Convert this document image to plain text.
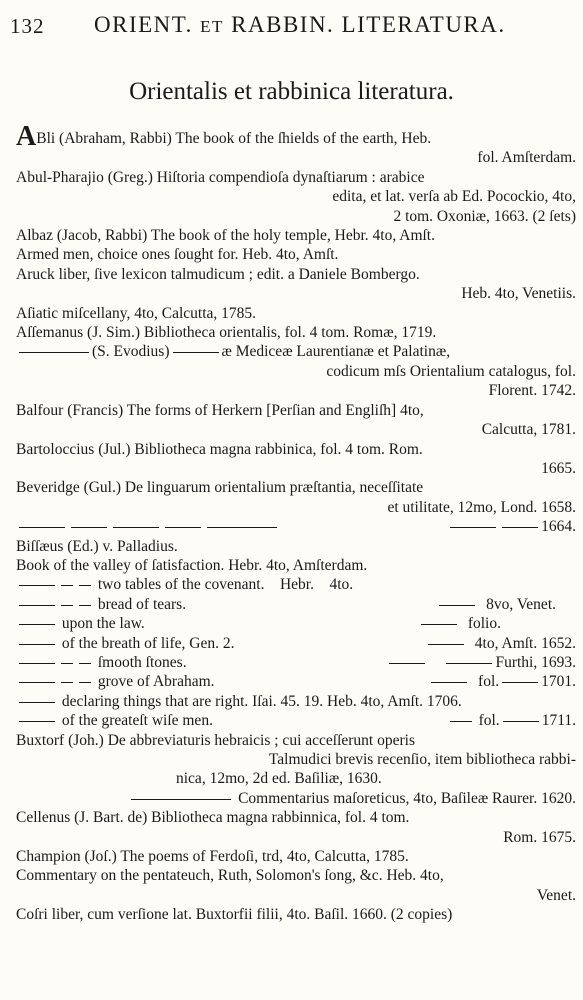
132 ORIENT. ET RABBIN. LITERATURA.
Orientalis et rabbinica literatura.
ABli (Abraham, Rabbi) The book of the ſhields of the earth, Heb.
fol. Amſterdam.
Abul-Pharajio (Greg.) Hiſtoria compendioſa dynaſtiarum : arabice
edita, et lat. verſa ab Ed. Pocockio, 4to,
2 tom. Oxoniæ, 1663. (2 ſets)
Albaz (Jacob, Rabbi) The book of the holy temple, Hebr. 4to, Amſt.
Armed men, choice ones ſought for. Heb. 4to, Amſt.
Aruck liber, ſive lexicon talmudicum ; edit. a Daniele Bombergo.
Heb. 4to, Venetiis.
Aſiatic miſcellany, 4to, Calcutta, 1785.
Aſſemanus (J. Sim.) Bibliotheca orientalis, fol. 4 tom. Romæ, 1719.
(S. Evodius)	æ Mediceæ Laurentianæ et Palatinæ,
codicum mſs Orientalium catalogus, fol.
Florent. 1742.
Balfour (Francis) The forms of Herkern [Perſian and Engliſh] 4to,
Calcutta, 1781.
Bartoloccius (Jul.) Bibliotheca magna rabbinica, fol. 4 tom. Rom.
1665.
Beveridge (Gul.) De linguarum orientalium præſtantia, neceſſitate
et utilitate, 12mo, Lond. 1658.
1664.
Biſſæus (Ed.) v. Palladius.
Book of the valley of ſatisfaction. Hebr. 4to, Amſterdam.
two tables of the covenant. Hebr. 4to.
bread of tears.	8vo, Venet.
upon the law.	folio.
of the breath of life, Gen. 2.	4to, Amſt. 1652.
ſmooth ſtones.	Furthi, 1693.
grove of Abraham.	fol.	1701.
declaring things that are right. Iſai. 45. 19. Heb. 4to, Amſt. 1706.
of the greateſt wiſe men.	fol.	1711.
Buxtorf (Joh.) De abbreviaturis hebraicis ; cui acceſſerunt operis
Talmudici brevis recenſio, item bibliotheca rabbi-
nica, 12mo, 2d ed. Baſiliæ, 1630.
Commentarius maſoreticus, 4to, Baſileæ Raurer. 1620.
Cellenus (J. Bart. de) Bibliotheca magna rabbinnica, fol. 4 tom.
Rom. 1675.
Champion (Joſ.) The poems of Ferdoſi, trd, 4to, Calcutta, 1785.
Commentary on the pentateuch, Ruth, Solomon's ſong, &c. Heb. 4to,
Venet.
Coſri liber, cum verſione lat. Buxtorfii filii, 4to. Baſil. 1660. (2 copies)
